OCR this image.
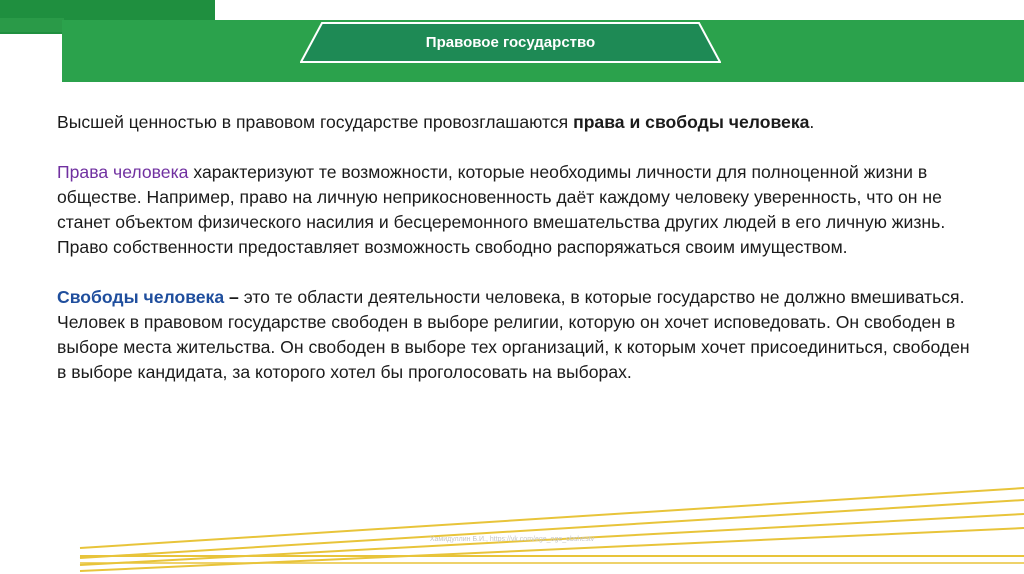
Правовое государство

Высшей ценностью в правовом государстве провозглашаются права и свободы человека.

Права человека характеризуют те возможности, которые необходимы личности для полноценной жизни в обществе. Например, право на личную неприкосновенность даёт каждому человеку уверенность, что он не станет объектом физического насилия и бесцеремонного вмешательства других людей в его личную жизнь. Право собственности предоставляет возможность свободно распоряжаться своим имуществом.

Свободы человека – это те области деятельности человека, в которые государство не должно вмешиваться. Человек в правовом государстве свободен в выборе религии, которую он хочет исповедовать. Он свободен в выборе места жительства. Он свободен в выборе тех организаций, к которым хочет присоединиться, свободен в выборе кандидата, за которого хотел бы проголосовать на выборах.

Хамидуллин Б.И., https://vk.com/ege_oge_obshestv
